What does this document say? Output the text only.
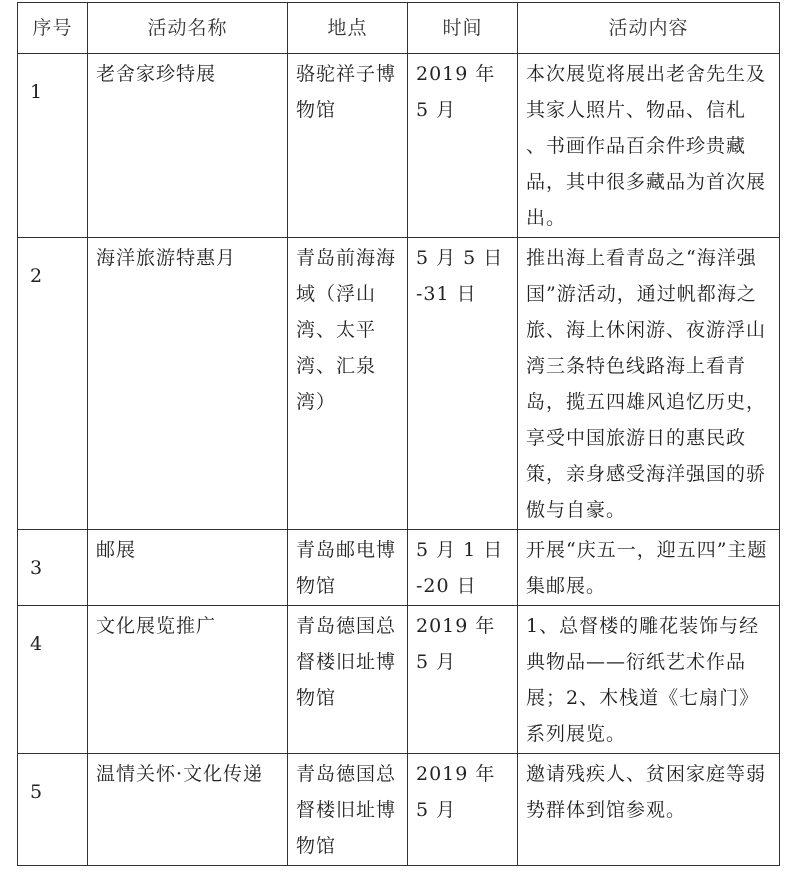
序号	活动名称	地点	时间	活动内容
1	老舍家珍特展	骆驼祥子博物馆	2019 年 5 月	本次展览将展出老舍先生及其家人照片、物品、信札 、书画作品百余件珍贵藏品，其中很多藏品为首次展出。
2	海洋旅游特惠月	青岛前海海域（浮山湾、太平湾、汇泉湾）	5 月 5 日 -31 日	推出海上看青岛之“海洋强国”游活动，通过帆都海之旅、海上休闲游、夜游浮山湾三条特色线路海上看青岛，揽五四雄风追忆历史，享受中国旅游日的惠民政策，亲身感受海洋强国的骄傲与自豪。
3	邮展	青岛邮电博物馆	5 月 1 日 -20 日	开展“庆五一，迎五四”主题集邮展。
4	文化展览推广	青岛德国总督楼旧址博物馆	2019 年 5 月	1、总督楼的雕花装饰与经典物品——衍纸艺术作品展；2、木栈道《七扇门》系列展览。
5	温情关怀·文化传递	青岛德国总督楼旧址博物馆	2019 年 5 月	邀请残疾人、贫困家庭等弱势群体到馆参观。
